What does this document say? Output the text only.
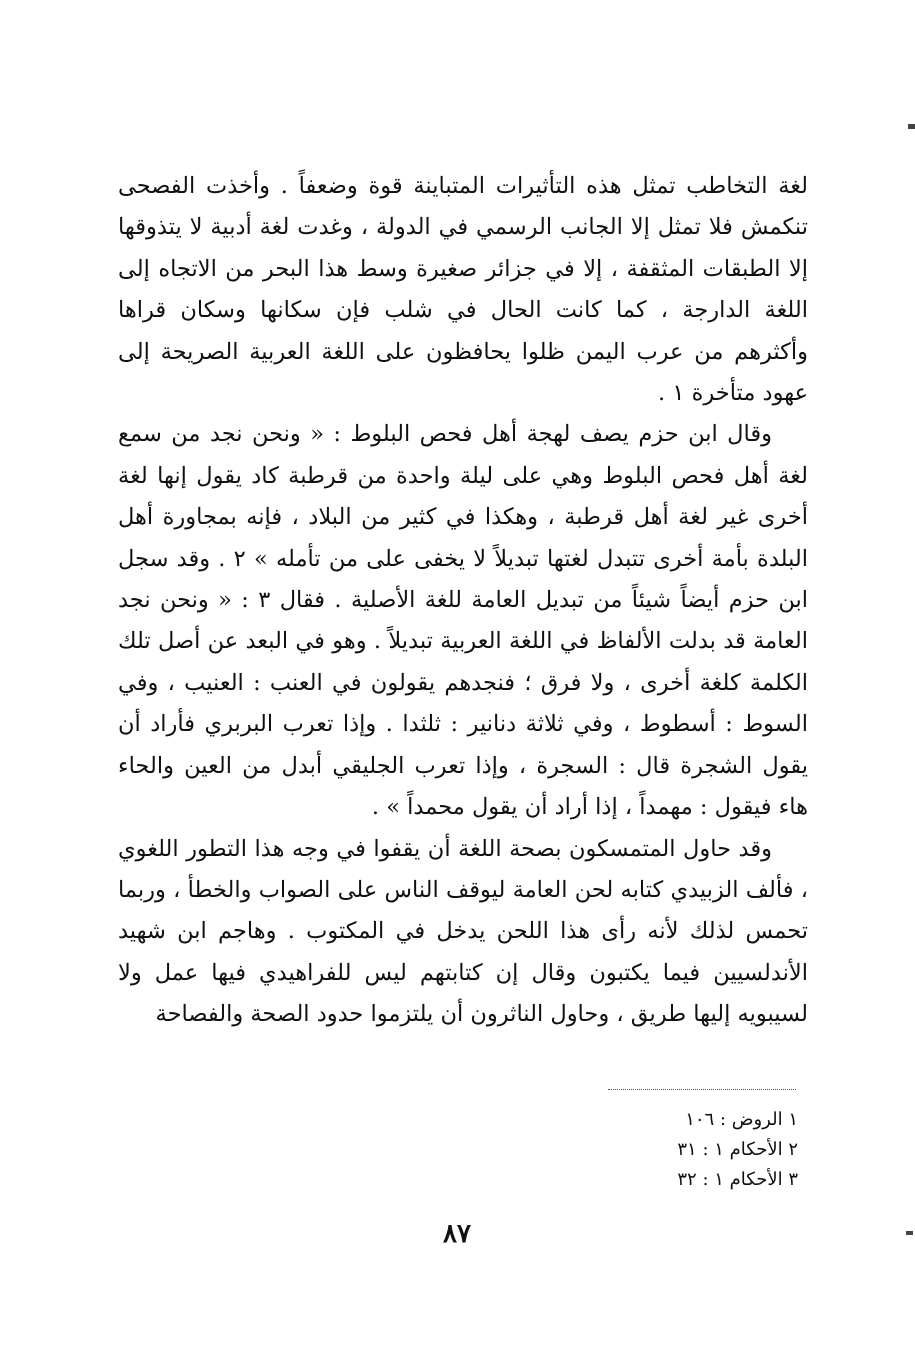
لغة التخاطب تمثل هذه التأثيرات المتباينة قوة وضعفاً . وأخذت الفصحى تنكمش فلا تمثل إلا الجانب الرسمي في الدولة ، وغدت لغة أدبية لا يتذوقها إلا الطبقات المثقفة ، إلا في جزائر صغيرة وسط هذا البحر من الاتجاه إلى اللغة الدارجة ، كما كانت الحال في شلب فإن سكانها وسكان قراها وأكثرهم من عرب اليمن ظلوا يحافظون على اللغة العربية الصريحة إلى عهود متأخرة ١ .

وقال ابن حزم يصف لهجة أهل فحص البلوط : « ونحن نجد من سمع لغة أهل فحص البلوط وهي على ليلة واحدة من قرطبة كاد يقول إنها لغة أخرى غير لغة أهل قرطبة ، وهكذا في كثير من البلاد ، فإنه بمجاورة أهل البلدة بأمة أخرى تتبدل لغتها تبديلاً لا يخفى على من تأمله » ٢ . وقد سجل ابن حزم أيضاً شيئاً من تبديل العامة للغة الأصلية . فقال ٣ : « ونحن نجد العامة قد بدلت الألفاظ في اللغة العربية تبديلاً . وهو في البعد عن أصل تلك الكلمة كلغة أخرى ، ولا فرق ؛ فنجدهم يقولون في العنب : العنيب ، وفي السوط : أسطوط ، وفي ثلاثة دنانير : ثلثدا . وإذا تعرب البربري فأراد أن يقول الشجرة قال : السجرة ، وإذا تعرب الجليقي أبدل من العين والحاء هاء فيقول : مهمداً ، إذا أراد أن يقول محمداً » .

وقد حاول المتمسكون بصحة اللغة أن يقفوا في وجه هذا التطور اللغوي ، فألف الزبيدي كتابه لحن العامة ليوقف الناس على الصواب والخطأ ، وربما تحمس لذلك لأنه رأى هذا اللحن يدخل في المكتوب . وهاجم ابن شهيد الأندلسيين فيما يكتبون وقال إن كتابتهم ليس للفراهيدي فيها عمل ولا لسيبويه إليها طريق ، وحاول الناثرون أن يلتزموا حدود الصحة والفصاحة

١ الروض : ١٠٦
٢ الأحكام ١ : ٣١
٣ الأحكام ١ : ٣٢
٨٧
